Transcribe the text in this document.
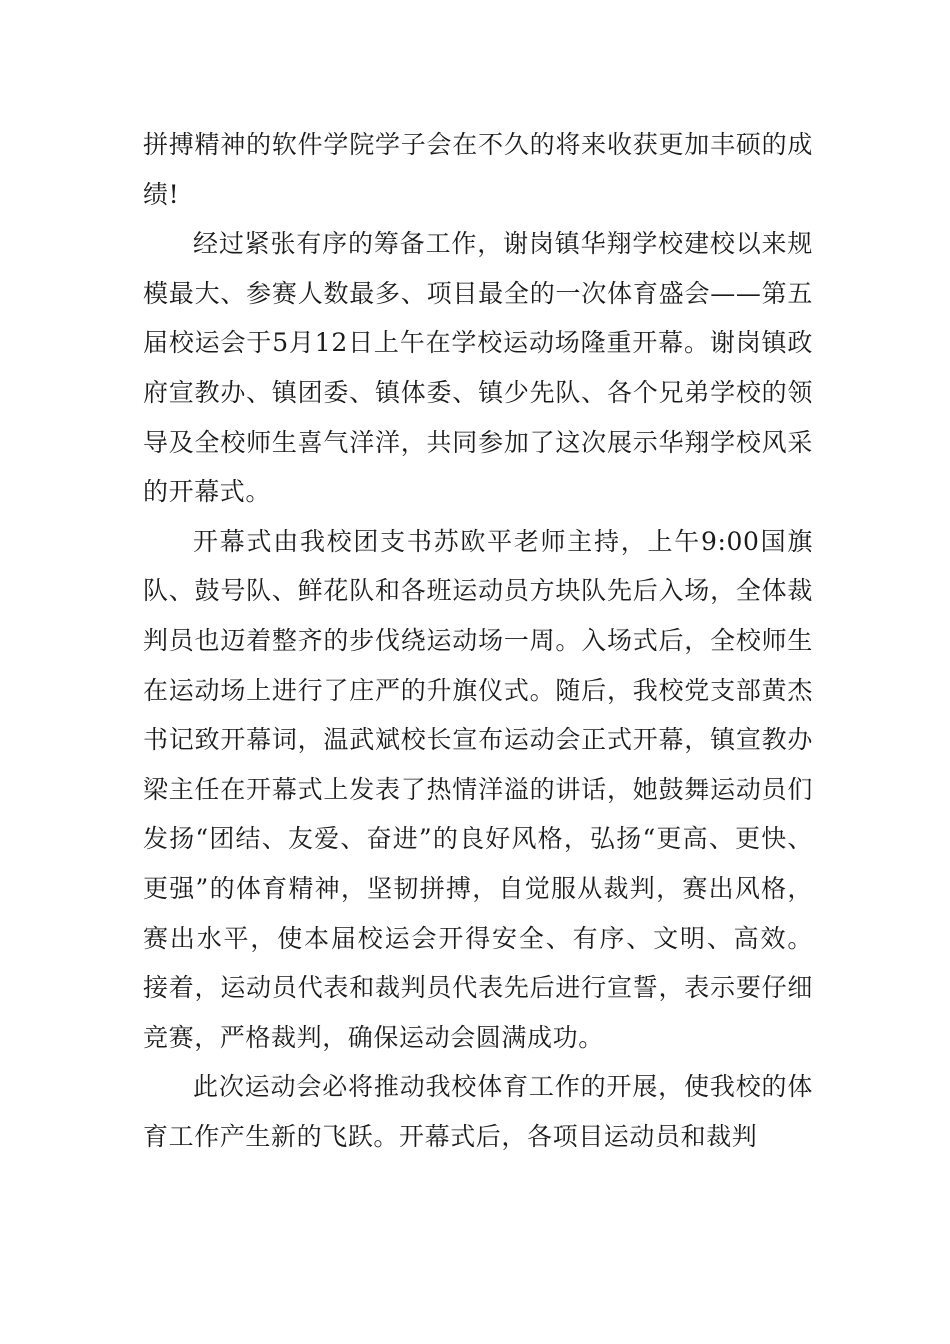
拼搏精神的软件学院学子会在不久的将来收获更加丰硕的成绩!

经过紧张有序的筹备工作，谢岗镇华翔学校建校以来规模最大、参赛人数最多、项目最全的一次体育盛会——第五届校运会于5月12日上午在学校运动场隆重开幕。谢岗镇政府宣教办、镇团委、镇体委、镇少先队、各个兄弟学校的领导及全校师生喜气洋洋，共同参加了这次展示华翔学校风采的开幕式。

开幕式由我校团支书苏欧平老师主持，上午9:00国旗队、鼓号队、鲜花队和各班运动员方块队先后入场，全体裁判员也迈着整齐的步伐绕运动场一周。入场式后，全校师生在运动场上进行了庄严的升旗仪式。随后，我校党支部黄杰书记致开幕词，温武斌校长宣布运动会正式开幕，镇宣教办梁主任在开幕式上发表了热情洋溢的讲话，她鼓舞运动员们发扬“团结、友爱、奋进”的良好风格，弘扬“更高、更快、更强”的体育精神，坚韧拼搏，自觉服从裁判，赛出风格，赛出水平，使本届校运会开得安全、有序、文明、高效。 接着，运动员代表和裁判员代表先后进行宣誓，表示要仔细竞赛，严格裁判，确保运动会圆满成功。

此次运动会必将推动我校体育工作的开展，使我校的体育工作产生新的飞跃。开幕式后，各项目运动员和裁判
